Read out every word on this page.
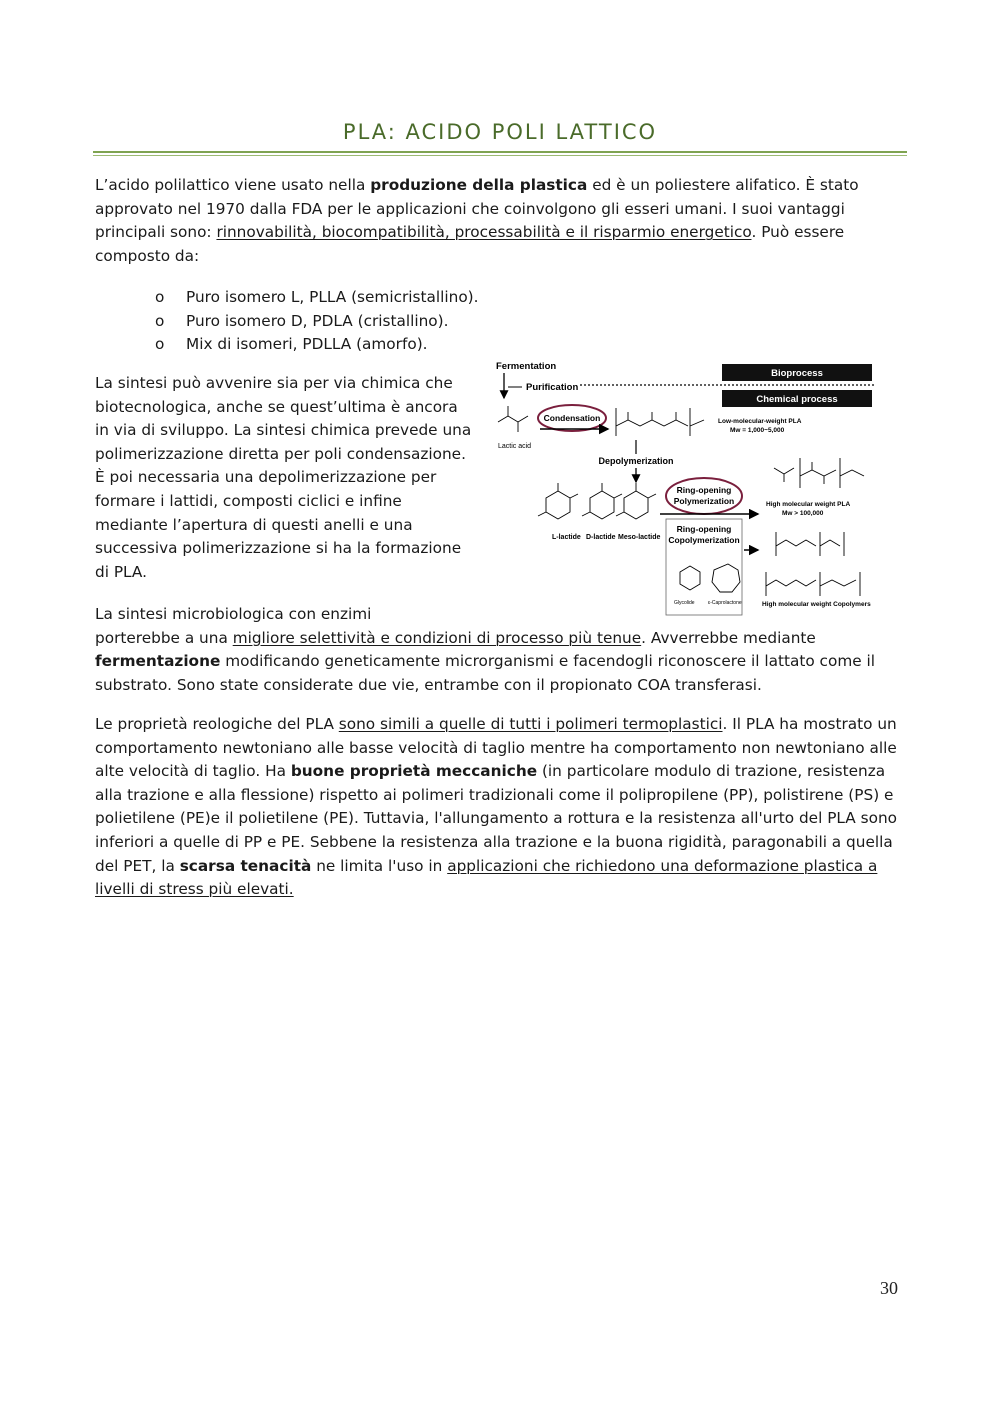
PLA: ACIDO POLI LATTICO

L’acido polilattico viene usato nella produzione della plastica ed è un poliestere alifatico. È stato approvato nel 1970 dalla FDA per le applicazioni che coinvolgono gli esseri umani. I suoi vantaggi principali sono: rinnovabilità, biocompatibilità, processabilità e il risparmio energetico. Può essere composto da:

o Puro isomero L, PLLA (semicristallino).
o Puro isomero D, PDLA (cristallino).
o Mix di isomeri, PDLLA (amorfo).

La sintesi può avvenire sia per via chimica che biotecnologica, anche se quest’ultima è ancora in via di sviluppo. La sintesi chimica prevede una polimerizzazione diretta per poli condensazione. È poi necessaria una depolimerizzazione per formare i lattidi, composti ciclici e infine mediante l’apertura di questi anelli e una successiva polimerizzazione si ha la formazione di PLA.

Fermentation
Purification
Bioprocess
Chemical process
Lactic acid
Condensation	Low-molecular-weight PLA
Mw = 1,000~5,000
Depolymerization
L-lactide D-lactide Meso-lactide
Ring-opening
Polymerization	High molecular weight PLA
Mw > 100,000
Ring-opening
Copolymerization
Glycolide	ε-Caprolactone	High molecular weight Copolymers

La sintesi microbiologica con enzimi
porterebbe a una migliore selettività e condizioni di processo più tenue. Avverrebbe mediante fermentazione modificando geneticamente microrganismi e facendogli riconoscere il lattato come il substrato. Sono state considerate due vie, entrambe con il propionato COA transferasi.

Le proprietà reologiche del PLA sono simili a quelle di tutti i polimeri termoplastici. Il PLA ha mostrato un comportamento newtoniano alle basse velocità di taglio mentre ha comportamento non newtoniano alle alte velocità di taglio. Ha buone proprietà meccaniche (in particolare modulo di trazione, resistenza alla trazione e alla flessione) rispetto ai polimeri tradizionali come il polipropilene (PP), polistirene (PS) e polietilene (PE)e il polietilene (PE). Tuttavia, l'allungamento a rottura e la resistenza all'urto del PLA sono inferiori a quelle di PP e PE. Sebbene la resistenza alla trazione e la buona rigidità, paragonabili a quella del PET, la scarsa tenacità ne limita l'uso in applicazioni che richiedono una deformazione plastica a livelli di stress più elevati.

30
